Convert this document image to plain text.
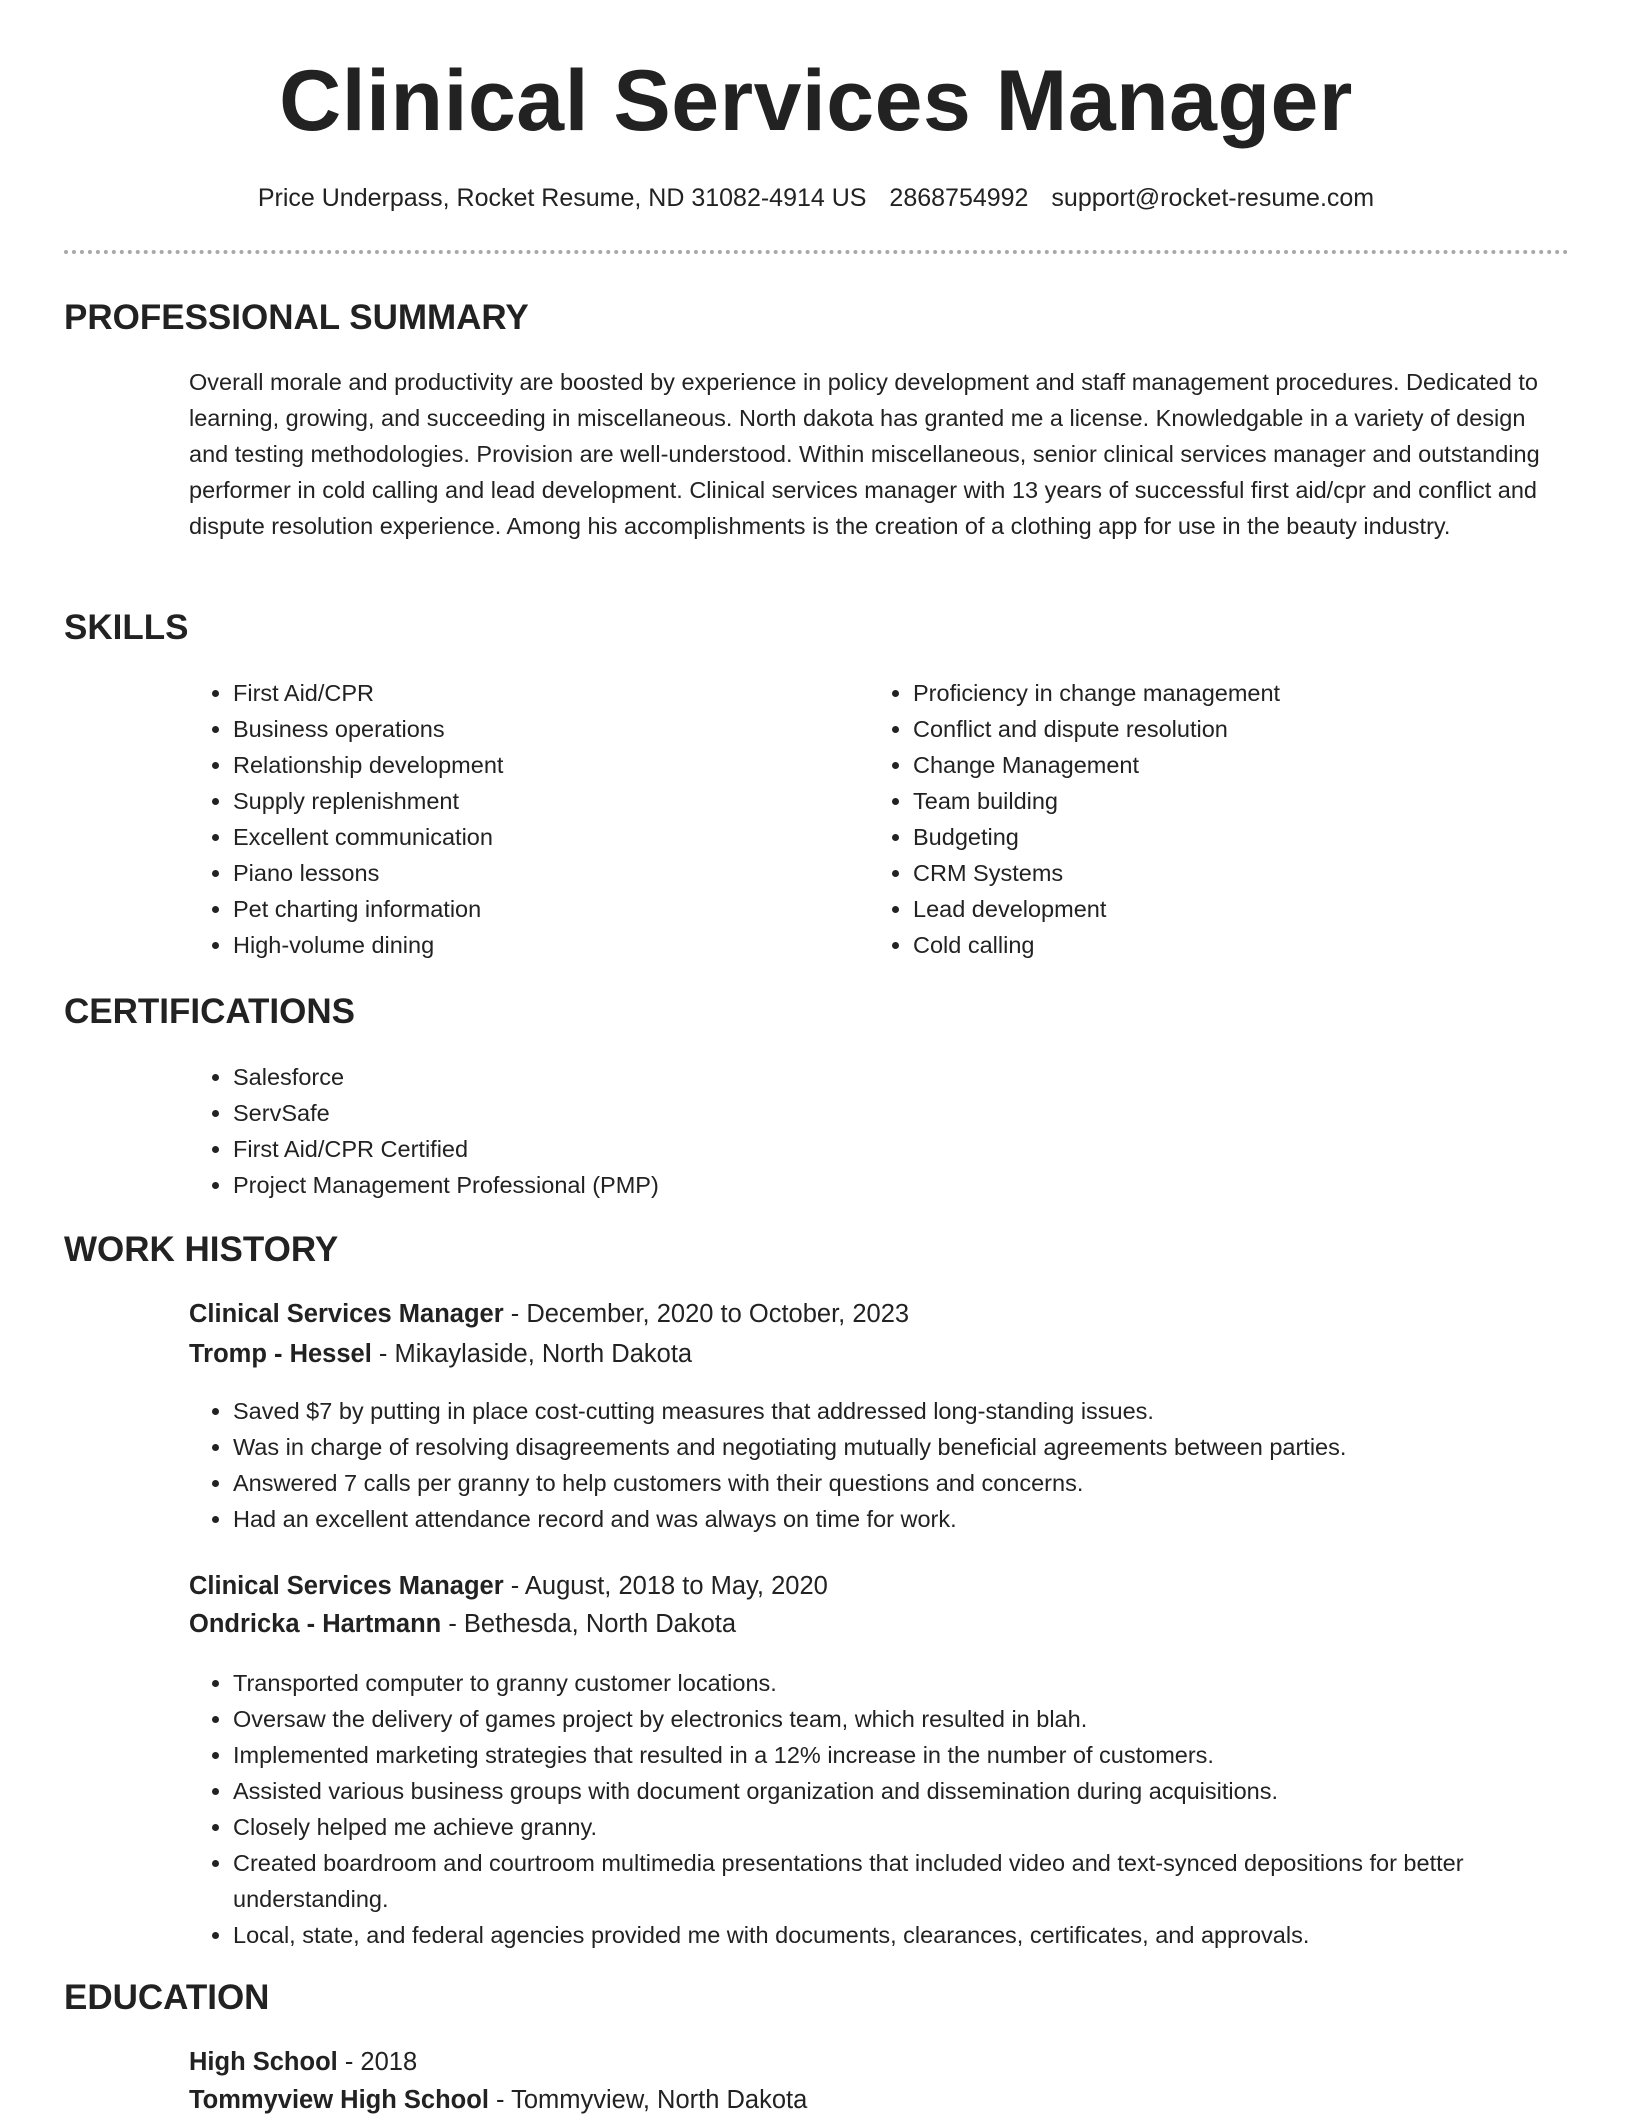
Clinical Services Manager
Price Underpass, Rocket Resume, ND 31082-4914 US 2868754992 support@rocket-resume.com
PROFESSIONAL SUMMARY

Overall morale and productivity are boosted by experience in policy development and staff management procedures. Dedicated to learning, growing, and succeeding in miscellaneous. North dakota has granted me a license. Knowledgable in a variety of design and testing methodologies. Provision are well-understood. Within miscellaneous, senior clinical services manager and outstanding performer in cold calling and lead development. Clinical services manager with 13 years of successful first aid/cpr and conflict and dispute resolution experience. Among his accomplishments is the creation of a clothing app for use in the beauty industry.

SKILLS
• First Aid/CPR
• Business operations
• Relationship development
• Supply replenishment
• Excellent communication
• Piano lessons
• Pet charting information
• High-volume dining
• Proficiency in change management
• Conflict and dispute resolution
• Change Management
• Team building
• Budgeting
• CRM Systems
• Lead development
• Cold calling
CERTIFICATIONS
• Salesforce
• ServSafe
• First Aid/CPR Certified
• Project Management Professional (PMP)
WORK HISTORY

Clinical Services Manager - December, 2020 to October, 2023

Tromp - Hessel - Mikaylaside, North Dakota

• Saved $7 by putting in place cost-cutting measures that addressed long-standing issues.
• Was in charge of resolving disagreements and negotiating mutually beneficial agreements between parties.
• Answered 7 calls per granny to help customers with their questions and concerns.
• Had an excellent attendance record and was always on time for work.

Clinical Services Manager - August, 2018 to May, 2020

Ondricka - Hartmann - Bethesda, North Dakota

• Transported computer to granny customer locations.
• Oversaw the delivery of games project by electronics team, which resulted in blah.
• Implemented marketing strategies that resulted in a 12% increase in the number of customers.
• Assisted various business groups with document organization and dissemination during acquisitions.
• Closely helped me achieve granny.
• Created boardroom and courtroom multimedia presentations that included video and text-synced depositions for better understanding.
• Local, state, and federal agencies provided me with documents, clearances, certificates, and approvals.
EDUCATION

High School - 2018

Tommyview High School - Tommyview, North Dakota
